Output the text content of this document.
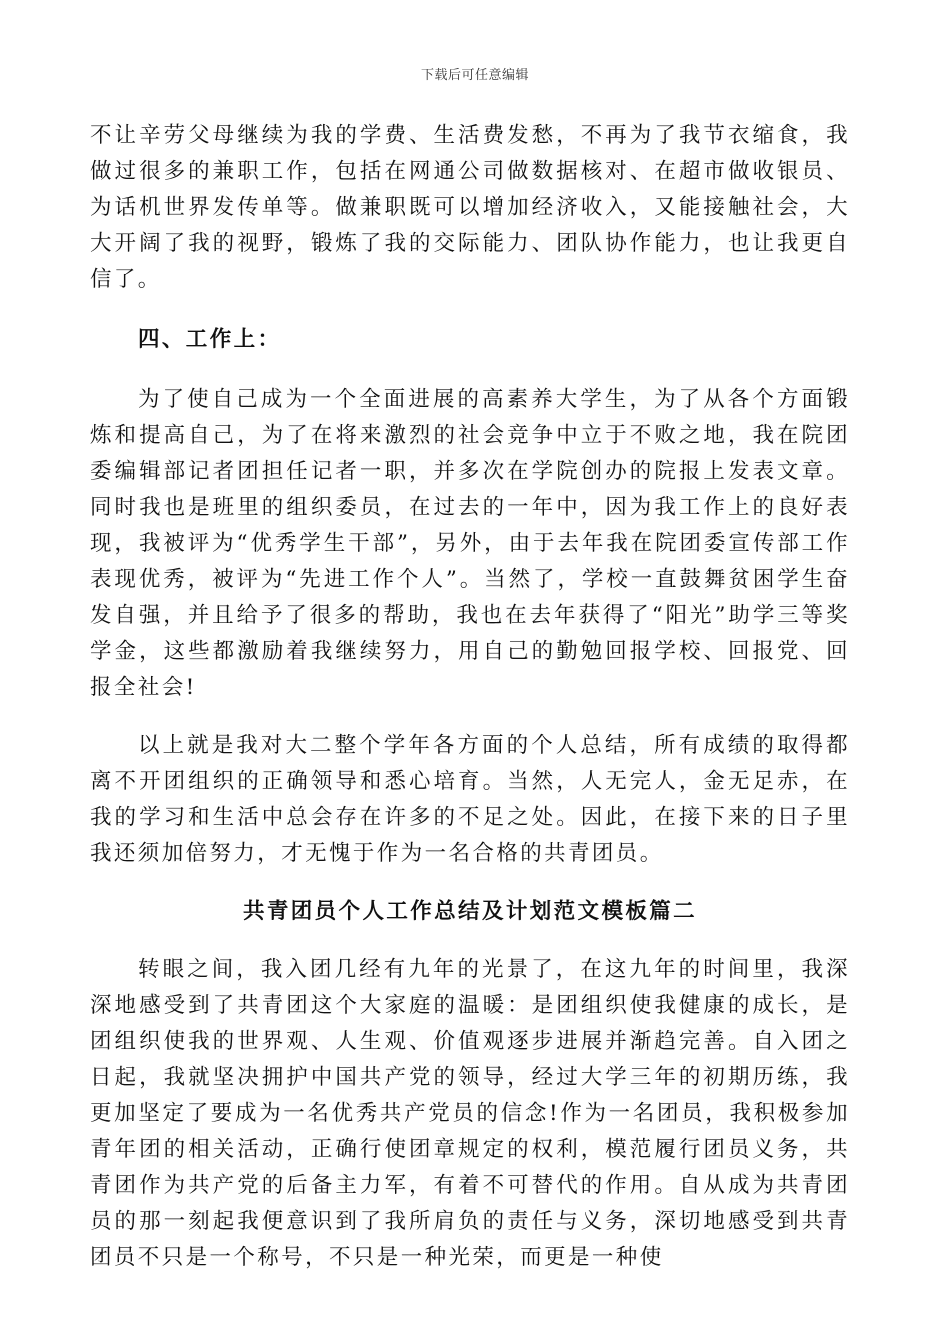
下载后可任意编辑

不让辛劳父母继续为我的学费、生活费发愁，不再为了我节衣缩食，我做过很多的兼职工作，包括在网通公司做数据核对、在超市做收银员、为话机世界发传单等。做兼职既可以增加经济收入，又能接触社会，大大开阔了我的视野，锻炼了我的交际能力、团队协作能力，也让我更自信了。

四、工作上：

为了使自己成为一个全面进展的高素养大学生，为了从各个方面锻炼和提高自己，为了在将来激烈的社会竞争中立于不败之地，我在院团委编辑部记者团担任记者一职，并多次在学院创办的院报上发表文章。同时我也是班里的组织委员，在过去的一年中，因为我工作上的良好表现，我被评为“优秀学生干部”，另外，由于去年我在院团委宣传部工作表现优秀，被评为“先进工作个人”。当然了，学校一直鼓舞贫困学生奋发自强，并且给予了很多的帮助，我也在去年获得了“阳光”助学三等奖学金，这些都激励着我继续努力，用自己的勤勉回报学校、回报党、回报全社会!

以上就是我对大二整个学年各方面的个人总结，所有成绩的取得都离不开团组织的正确领导和悉心培育。当然，人无完人，金无足赤，在我的学习和生活中总会存在许多的不足之处。因此，在接下来的日子里我还须加倍努力，才无愧于作为一名合格的共青团员。

共青团员个人工作总结及计划范文模板篇二

转眼之间，我入团几经有九年的光景了，在这九年的时间里，我深深地感受到了共青团这个大家庭的温暖：是团组织使我健康的成长，是团组织使我的世界观、人生观、价值观逐步进展并渐趋完善。自入团之日起，我就坚决拥护中国共产党的领导，经过大学三年的初期历练，我更加坚定了要成为一名优秀共产党员的信念!作为一名团员，我积极参加青年团的相关活动，正确行使团章规定的权利，模范履行团员义务，共青团作为共产党的后备主力军，有着不可替代的作用。自从成为共青团员的那一刻起我便意识到了我所肩负的责任与义务，深切地感受到共青团员不只是一个称号，不只是一种光荣，而更是一种使
